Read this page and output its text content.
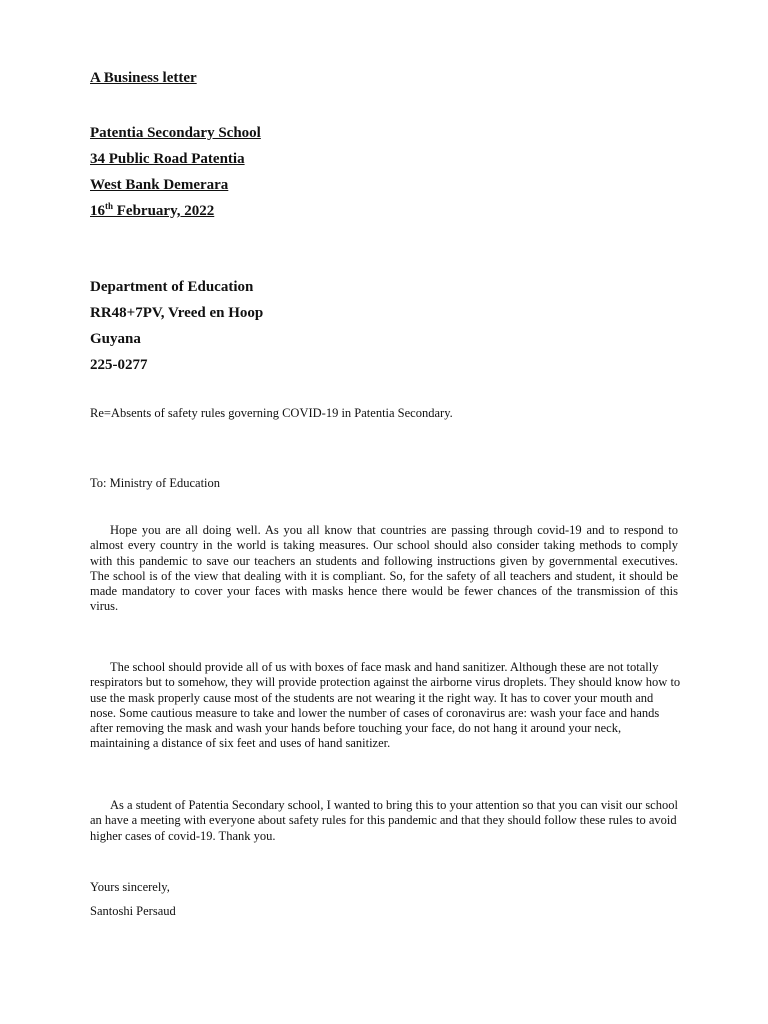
A Business letter
Patentia Secondary School
34 Public Road Patentia
West Bank Demerara
16th February, 2022
Department of Education
RR48+7PV, Vreed en Hoop
Guyana
225-0277
Re=Absents of safety rules governing COVID-19 in Patentia Secondary.
To: Ministry of Education

Hope you are all doing well. As you all know that countries are passing through covid-19 and to respond to almost every country in the world is taking measures. Our school should also consider taking methods to comply with this pandemic to save our teachers an students and following instructions given by governmental executives. The school is of the view that dealing with it is compliant. So, for the safety of all teachers and student, it should be made mandatory to cover your faces with masks hence there would be fewer chances of the transmission of this virus.

The school should provide all of us with boxes of face mask and hand sanitizer. Although these are not totally respirators but to somehow, they will provide protection against the airborne virus droplets. They should know how to use the mask properly cause most of the students are not wearing it the right way. It has to cover your mouth and nose. Some cautious measure to take and lower the number of cases of coronavirus are: wash your face and hands after removing the mask and wash your hands before touching your face, do not hang it around your neck, maintaining a distance of six feet and uses of hand sanitizer.

As a student of Patentia Secondary school, I wanted to bring this to your attention so that you can visit our school an have a meeting with everyone about safety rules for this pandemic and that they should follow these rules to avoid higher cases of covid-19. Thank you.

Yours sincerely,
Santoshi Persaud
